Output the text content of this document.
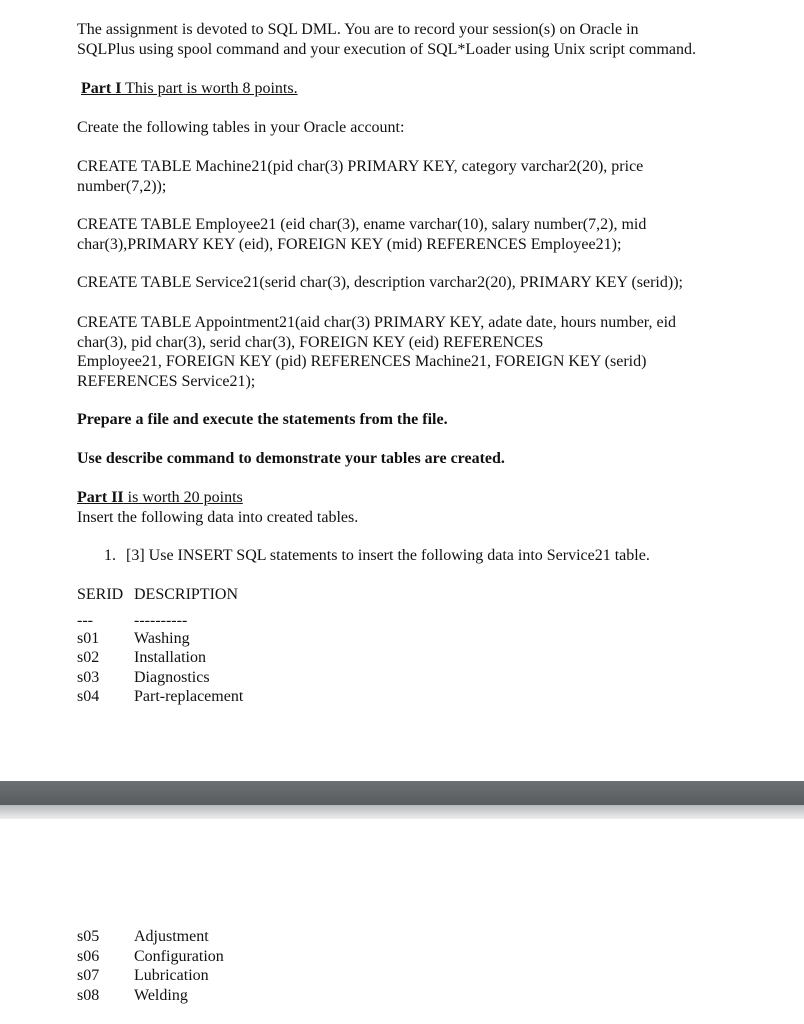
The assignment is devoted to SQL DML. You are to record your session(s) on Oracle in
SQLPlus using spool command and your execution of SQL*Loader using Unix script command.

Part I This part is worth 8 points.

Create the following tables in your Oracle account:

CREATE TABLE Machine21(pid char(3) PRIMARY KEY, category varchar2(20), price
number(7,2));

CREATE TABLE Employee21 (eid char(3), ename varchar(10), salary number(7,2), mid
char(3),PRIMARY KEY (eid), FOREIGN KEY (mid) REFERENCES Employee21);

CREATE TABLE Service21(serid char(3), description varchar2(20), PRIMARY KEY (serid));

CREATE TABLE Appointment21(aid char(3) PRIMARY KEY, adate date, hours number, eid
char(3), pid char(3), serid char(3), FOREIGN KEY (eid) REFERENCES
Employee21, FOREIGN KEY (pid) REFERENCES Machine21, FOREIGN KEY (serid)
REFERENCES Service21);

Prepare a file and execute the statements from the file.

Use describe command to demonstrate your tables are created.

Part II is worth 20 points

Insert the following data into created tables.

1. [3] Use INSERT SQL statements to insert the following data into Service21 table.

SERID DESCRIPTION
---	----------
s01	Washing
s02	Installation
s03	Diagnostics
s04	Part-replacement
s05	Adjustment
s06	Configuration
s07	Lubrication
s08	Welding
